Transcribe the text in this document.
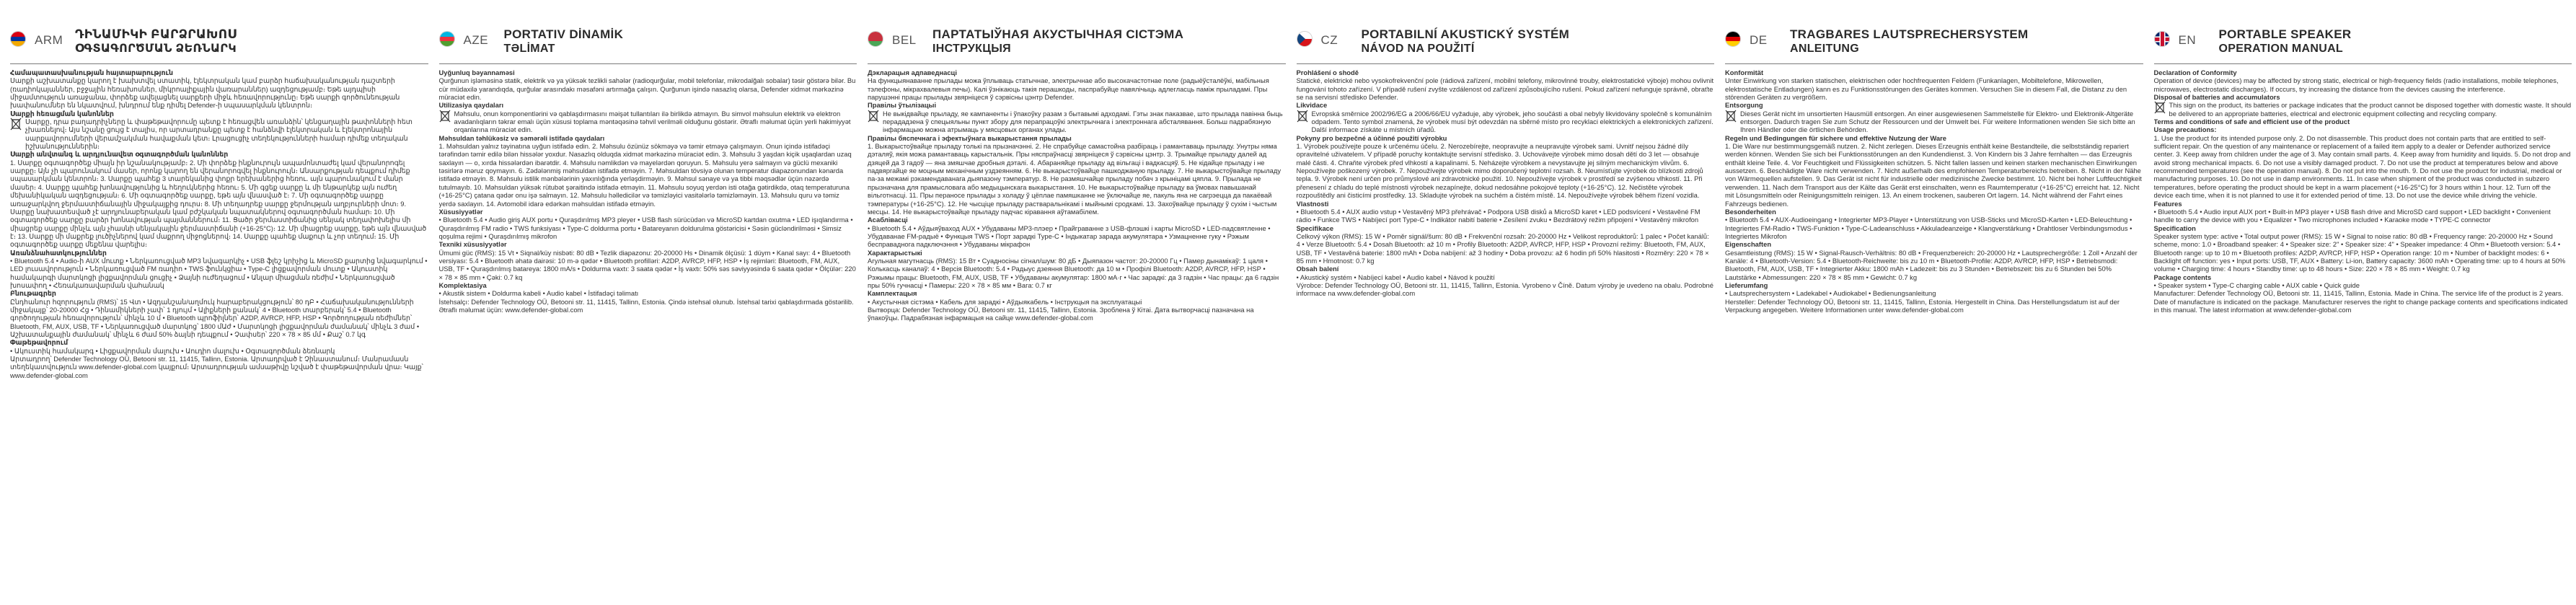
ARM ԴԻՆԱՄԻԿԻ ԲԱՐՁՐԱԽՈՍ
ՕԳՏԱԳՈՐԾՄԱՆ ՁԵՌՆԱՐԿ

Համապատասխանության հայտարարություն

Սարքի աշխատանքը կարող է խախտվել ստատիկ, էլեկտրական կամ բարձր հաճախականության դաշտերի (ռադիոկայաններ, բջջային հեռախոսներ, միկրոալիքային վառարաններ) ազդեցությամբ։ Եթե այդպիսի միջամտություն առաջանա, փորձեք ավելացնել սարքերի միջև հեռավորությունը։ Եթե սարքի գործունեության խափանումներ են նկատվում, խնդրում ենք դիմել Defender-ի սպասարկման կենտրոն։

Սարքի հեռացման կանոններ

Սարքը, դրա բաղադրիչները և փաթեթավորումը պետք է հեռացվեն առանձին՝ կենցաղային թափոնների հետ չխառնելով։ Այս նշանը ցույց է տալիս, որ արտադրանքը պետք է հանձնվի էլեկտրական և էլեկտրոնային սարքավորումների վերամշակման հավաքման կետ։ Լրացուցիչ տեղեկությունների համար դիմեք տեղական իշխանություններին։

Սարքի անվտանգ և արդյունավետ օգտագործման կանոններ

1. Սարքը օգտագործեք միայն իր նշանակությամբ։ 2. Մի փորձեք ինքնուրույն ապամոնտաժել կամ վերանորոգել սարքը։ Այն չի պարունակում մասեր, որոնք կարող են վերանորոգվել ինքնուրույն։ Անսարքության դեպքում դիմեք սպասարկման կենտրոն։ 3. Սարքը պահեք 3 տարեկանից փոքր երեխաներից հեռու․ այն պարունակում է մանր մասեր։ 4. Սարքը պահեք խոնավությունից և հեղուկներից հեռու։ 5. Մի գցեք սարքը և մի ենթարկեք այն ուժեղ մեխանիկական ազդեցության։ 6. Մի օգտագործեք սարքը, եթե այն վնասված է։ 7. Մի օգտագործեք սարքը առաջարկվող ջերմաստիճանային միջակայքից դուրս։ 8. Մի տեղադրեք սարքը ջերմության աղբյուրների մոտ։ 9. Սարքը նախատեսված չէ արդյունաբերական կամ բժշկական նպատակներով օգտագործման համար։ 10. Մի օգտագործեք սարքը բարձր խոնավության պայմաններում։ 11. Ցածր ջերմաստիճանից սենյակ տեղափոխելիս մի միացրեք սարքը մինչև այն չհասնի սենյակային ջերմաստիճանի (+16-25°C)։ 12. Մի միացրեք սարքը, եթե այն վնասված է։ 13. Սարքը մի մաքրեք լուծիչներով կամ մաքրող միջոցներով։ 14. Սարքը պահեք մաքուր և չոր տեղում։ 15. Մի օգտագործեք սարքը մեքենա վարելիս։

Առանձնահատկություններ

• Bluetooth 5.4 • Audio-ի AUX մուտք • Ներկառուցված MP3 նվագարկիչ • USB ֆլեշ կրիչից և MicroSD քարտից նվագարկում • LED լուսավորություն • Ներկառուցված FM ռադիո • TWS ֆունկցիա • Type-C լիցքավորման մուտք • Ակուստիկ համակարգի մարտկոցի լիցքավորման ցուցիչ • Ձայնի ուժեղացում • Անլար միացման ռեժիմ • Ներկառուցված խոսափող • Հեռակառավարման վահանակ

Բնութագրեր

Ընդհանուր հզորություն (RMS)՝ 15 Վտ • Ազդանշան/աղմուկ հարաբերակցություն՝ 80 դԲ • Հաճախականությունների միջակայք՝ 20-20000 Հց • Դինամիկների չափ՝ 1 դյույմ • Ալիքների քանակ՝ 4 • Bluetooth տարբերակ՝ 5.4 • Bluetooth գործողության հեռավորություն՝ մինչև 10 մ • Bluetooth պրոֆիլներ՝ A2DP, AVRCP, HFP, HSP • Գործողության ռեժիմներ՝ Bluetooth, FM, AUX, USB, TF • Ներկառուցված մարտկոց՝ 1800 մԱժ • Մարտկոցի լիցքավորման ժամանակ՝ մինչև 3 ժամ • Աշխատանքային ժամանակ՝ մինչև 6 ժամ 50% ձայնի դեպքում • Չափսեր՝ 220 × 78 × 85 մմ • Քաշ՝ 0.7 կգ

Փաթեթավորում

• Ակուստիկ համակարգ • Լիցքավորման մալուխ • Աուդիո մալուխ • Օգտագործման ձեռնարկ

Արտադրող՝ Defender Technology OÜ, Betooni str. 11, 11415, Tallinn, Estonia. Արտադրված է Չինաստանում։ Մանրամասն տեղեկատվություն www.defender-global.com կայքում։ Արտադրության ամսաթիվը նշված է փաթեթավորման վրա։ Կայք՝ www.defender-global.com

AZE PORTATIV DİNAMİK
TƏLİMAT

Uyğunluq bəyannaməsi

Qurğunun işləməsinə statik, elektrik və ya yüksək tezlikli sahələr (radioqurğular, mobil telefonlar, mikrodalğalı sobalar) təsir göstərə bilər. Bu cür müdaxilə yarandıqda, qurğular arasındakı məsafəni artırmağa çalışın. Qurğunun işində nasazlıq olarsa, Defender xidmət mərkəzinə müraciət edin.

Utilizasiya qaydaları

Məhsulu, onun komponentlərini və qablaşdırmasını məişət tullantıları ilə birlikdə atmayın. Bu simvol məhsulun elektrik və elektron avadanlıqların təkrar emalı üçün xüsusi toplama məntəqəsinə təhvil verilməli olduğunu göstərir. Ətraflı məlumat üçün yerli hakimiyyət orqanlarına müraciət edin.

Məhsuldan təhlükəsiz və səmərəli istifadə qaydaları

1. Məhsuldan yalnız təyinatına uyğun istifadə edin. 2. Məhsulu özünüz sökməyə və təmir etməyə çalışmayın. Onun içində istifadəçi tərəfindən təmir edilə bilən hissələr yoxdur. Nasazlıq olduqda xidmət mərkəzinə müraciət edin. 3. Məhsulu 3 yaşdan kiçik uşaqlardan uzaq saxlayın — o, xırda hissələrdən ibarətdir. 4. Məhsulu nəmlikdən və mayelərdən qoruyun. 5. Məhsulu yerə salmayın və güclü mexaniki təsirlərə məruz qoymayın. 6. Zədələnmiş məhsuldan istifadə etməyin. 7. Məhsuldan tövsiyə olunan temperatur diapazonundan kənarda istifadə etməyin. 8. Məhsulu istilik mənbələrinin yaxınlığında yerləşdirməyin. 9. Məhsul sənaye və ya tibbi məqsədlər üçün nəzərdə tutulmayıb. 10. Məhsuldan yüksək rütubət şəraitində istifadə etməyin. 11. Məhsulu soyuq yerdən isti otağa gətirdikdə, otaq temperaturuna (+16-25°C) çatana qədər onu işə salmayın. 12. Məhsulu həlledicilər və təmizləyici vasitələrlə təmizləməyin. 13. Məhsulu quru və təmiz yerdə saxlayın. 14. Avtomobil idarə edərkən məhsuldan istifadə etməyin.

Xüsusiyyətlər

• Bluetooth 5.4 • Audio giriş AUX portu • Quraşdırılmış MP3 pleyer • USB flash sürücüdən və MicroSD kartdan oxutma • LED işıqlandırma • Quraşdırılmış FM radio • TWS funksiyası • Type-C doldurma portu • Batareyanın doldurulma göstəricisi • Səsin gücləndirilməsi • Simsiz qoşulma rejimi • Quraşdırılmış mikrofon

Texniki xüsusiyyətlər

Ümumi güc (RMS): 15 Vt • Siqnal/küy nisbəti: 80 dB • Tezlik diapazonu: 20-20000 Hs • Dinamik ölçüsü: 1 düym • Kanal sayı: 4 • Bluetooth versiyası: 5.4 • Bluetooth əhatə dairəsi: 10 m-ə qədər • Bluetooth profilləri: A2DP, AVRCP, HFP, HSP • İş rejimləri: Bluetooth, FM, AUX, USB, TF • Quraşdırılmış batareya: 1800 mA/s • Doldurma vaxtı: 3 saata qədər • İş vaxtı: 50% səs səviyyəsində 6 saata qədər • Ölçülər: 220 × 78 × 85 mm • Çəki: 0.7 kq

Komplektasiya

• Akustik sistem • Doldurma kabeli • Audio kabel • İstifadəçi təlimatı

İstehsalçı: Defender Technology OÜ, Betooni str. 11, 11415, Tallinn, Estonia. Çində istehsal olunub. İstehsal tarixi qablaşdırmada göstərilib. Ətraflı məlumat üçün: www.defender-global.com

BEL ПАРТАТЫЎНАЯ АКУСТЫЧНАЯ СІСТЭМА
ІНСТРУКЦЫЯ

Дэкларацыя адпаведнасці

На функцыянаванне прылады можа ўплываць статычнае, электрычнае або высокачастотнае поле (радыёўсталёўкі, мабільныя тэлефоны, мікрахвалевыя печы). Калі ўзнікаюць такія перашкоды, паспрабуйце павялічыць адлегласць паміж прыладамі. Пры парушэнні працы прылады звярніцеся ў сэрвісны цэнтр Defender.

Правілы ўтылізацыі

Не выкідвайце прыладу, яе кампаненты і ўпакоўку разам з бытавымі адходамі. Гэты знак паказвае, што прылада павінна быць перададзена ў спецыяльны пункт збору для перапрацоўкі электрычнага і электроннага абсталявання. Больш падрабязную інфармацыю можна атрымаць у мясцовых органах улады.

Правілы бяспечнага і эфектыўнага выкарыстання прылады

1. Выкарыстоўвайце прыладу толькі па прызначэнні. 2. Не спрабуйце самастойна разбіраць і рамантаваць прыладу. Унутры няма дэталяў, якія можа рамантаваць карыстальнік. Пры няспраўнасці звярніцеся ў сэрвісны цэнтр. 3. Трымайце прыладу далей ад дзяцей да 3 гадоў — яна змяшчае дробныя дэталі. 4. Абараняйце прыладу ад вільгаці і вадкасцяў. 5. Не кідайце прыладу і не падвяргайце яе моцным механічным уздзеянням. 6. Не выкарыстоўвайце пашкоджаную прыладу. 7. Не выкарыстоўвайце прыладу па-за межамі рэкамендаванага дыяпазону тэмператур. 8. Не размяшчайце прыладу побач з крыніцамі цяпла. 9. Прылада не прызначана для прамысловага або медыцынскага выкарыстання. 10. Не выкарыстоўвайце прыладу ва ўмовах павышанай вільготнасці. 11. Пры пераносе прылады з холаду ў цёплае памяшканне не ўключайце яе, пакуль яна не сагрэецца да пакаёвай тэмпературы (+16-25°C). 12. Не чысціце прыладу растваральнікамі і мыйнымі сродкамі. 13. Захоўвайце прыладу ў сухім і чыстым месцы. 14. Не выкарыстоўвайце прыладу падчас кіравання аўтамабілем.

Асаблівасці

• Bluetooth 5.4 • Аўдыяўваход AUX • Убудаваны MP3-плэер • Прайграванне з USB-флэшкі і карты MicroSD • LED-падсвятленне • Убудаванае FM-радыё • Функцыя TWS • Порт зарадкі Type-C • Індыкатар зарада акумулятара • Узмацненне гуку • Рэжым бесправаднога падключэння • Убудаваны мікрафон

Характарыстыкі

Агульная магутнасць (RMS): 15 Вт • Суадносіны сігнал/шум: 80 дБ • Дыяпазон частот: 20-20000 Гц • Памер дынамікаў: 1 цаля • Колькасць каналаў: 4 • Версія Bluetooth: 5.4 • Радыус дзеяння Bluetooth: да 10 м • Профілі Bluetooth: A2DP, AVRCP, HFP, HSP • Рэжымы працы: Bluetooth, FM, AUX, USB, TF • Убудаваны акумулятар: 1800 мА·г • Час зарадкі: да 3 гадзін • Час працы: да 6 гадзін пры 50% гучнасці • Памеры: 220 × 78 × 85 мм • Вага: 0.7 кг

Камплектацыя

• Акустычная сістэма • Кабель для зарадкі • Аўдыякабель • Інструкцыя па эксплуатацыі

Вытворца: Defender Technology OÜ, Betooni str. 11, 11415, Tallinn, Estonia. Зроблена ў Кітаі. Дата вытворчасці пазначана на ўпакоўцы. Падрабязная інфармацыя на сайце www.defender-global.com

CZ	PORTABILNÍ AKUSTICKÝ SYSTÉM
NÁVOD NA POUŽITÍ

Prohlášení o shodě

Statické, elektrické nebo vysokofrekvenční pole (rádiová zařízení, mobilní telefony, mikrovlnné trouby, elektrostatické výboje) mohou ovlivnit fungování tohoto zařízení. V případě rušení zvyšte vzdálenost od zařízení způsobujícího rušení. Pokud zařízení nefunguje správně, obraťte se na servisní středisko Defender.

Likvidace

Evropská směrnice 2002/96/EG a 2006/66/EU vyžaduje, aby výrobek, jeho součásti a obal nebyly likvidovány společně s komunálním odpadem. Tento symbol znamená, že výrobek musí být odevzdán na sběrné místo pro recyklaci elektrických a elektronických zařízení. Další informace získáte u místních úřadů.

Pokyny pro bezpečné a účinné použití výrobku

1. Výrobek používejte pouze k určenému účelu. 2. Nerozebírejte, neopravujte a neupravujte výrobek sami. Uvnitř nejsou žádné díly opravitelné uživatelem. V případě poruchy kontaktujte servisní středisko. 3. Uchovávejte výrobek mimo dosah dětí do 3 let — obsahuje malé části. 4. Chraňte výrobek před vlhkostí a kapalinami. 5. Neházejte výrobkem a nevystavujte jej silným mechanickým vlivům. 6. Nepoužívejte poškozený výrobek. 7. Nepoužívejte výrobek mimo doporučený teplotní rozsah. 8. Neumísťujte výrobek do blízkosti zdrojů tepla. 9. Výrobek není určen pro průmyslové ani zdravotnické použití. 10. Nepoužívejte výrobek v prostředí se zvýšenou vlhkostí. 11. Při přenesení z chladu do teplé místnosti výrobek nezapínejte, dokud nedosáhne pokojové teploty (+16-25°C). 12. Nečistěte výrobek rozpouštědly ani čisticími prostředky. 13. Skladujte výrobek na suchém a čistém místě. 14. Nepoužívejte výrobek během řízení vozidla.

Vlastnosti

• Bluetooth 5.4 • AUX audio vstup • Vestavěný MP3 přehrávač • Podpora USB disků a MicroSD karet • LED podsvícení • Vestavěné FM rádio • Funkce TWS • Nabíjecí port Type-C • Indikátor nabití baterie • Zesílení zvuku • Bezdrátový režim připojení • Vestavěný mikrofon

Specifikace

Celkový výkon (RMS): 15 W • Poměr signál/šum: 80 dB • Frekvenční rozsah: 20-20000 Hz • Velikost reproduktorů: 1 palec • Počet kanálů: 4 • Verze Bluetooth: 5.4 • Dosah Bluetooth: až 10 m • Profily Bluetooth: A2DP, AVRCP, HFP, HSP • Provozní režimy: Bluetooth, FM, AUX, USB, TF • Vestavěná baterie: 1800 mAh • Doba nabíjení: až 3 hodiny • Doba provozu: až 6 hodin při 50% hlasitosti • Rozměry: 220 × 78 × 85 mm • Hmotnost: 0.7 kg

Obsah balení

• Akustický systém • Nabíjecí kabel • Audio kabel • Návod k použití

Výrobce: Defender Technology OÜ, Betooni str. 11, 11415, Tallinn, Estonia. Vyrobeno v Číně. Datum výroby je uvedeno na obalu. Podrobné informace na www.defender-global.com

DE	TRAGBARES LAUTSPRECHERSYSTEM
ANLEITUNG

Konformität

Unter Einwirkung von starken statischen, elektrischen oder hochfrequenten Feldern (Funkanlagen, Mobiltelefone, Mikrowellen, elektrostatische Entladungen) kann es zu Funktionsstörungen des Gerätes kommen. Versuchen Sie in diesem Fall, die Distanz zu den störenden Geräten zu vergrößern.

Entsorgung

Dieses Gerät nicht im unsortierten Hausmüll entsorgen. An einer ausgewiesenen Sammelstelle für Elektro- und Elektronik-Altgeräte entsorgen. Dadurch tragen Sie zum Schutz der Ressourcen und der Umwelt bei. Für weitere Informationen wenden Sie sich bitte an Ihren Händler oder die örtlichen Behörden.

Regeln und Bedingungen für sichere und effektive Nutzung der Ware

1. Die Ware nur bestimmungsgemäß nutzen. 2. Nicht zerlegen. Dieses Erzeugnis enthält keine Bestandteile, die selbstständig repariert werden können. Wenden Sie sich bei Funktionsstörungen an den Kundendienst. 3. Von Kindern bis 3 Jahre fernhalten — das Erzeugnis enthält kleine Teile. 4. Vor Feuchtigkeit und Flüssigkeiten schützen. 5. Nicht fallen lassen und keinen starken mechanischen Einwirkungen aussetzen. 6. Beschädigte Ware nicht verwenden. 7. Nicht außerhalb des empfohlenen Temperaturbereichs betreiben. 8. Nicht in der Nähe von Wärmequellen aufstellen. 9. Das Gerät ist nicht für industrielle oder medizinische Zwecke bestimmt. 10. Nicht bei hoher Luftfeuchtigkeit verwenden. 11. Nach dem Transport aus der Kälte das Gerät erst einschalten, wenn es Raumtemperatur (+16-25°C) erreicht hat. 12. Nicht mit Lösungsmitteln oder Reinigungsmitteln reinigen. 13. An einem trockenen, sauberen Ort lagern. 14. Nicht während der Fahrt eines Fahrzeugs bedienen.

Besonderheiten

• Bluetooth 5.4 • AUX-Audioeingang • Integrierter MP3-Player • Unterstützung von USB-Sticks und MicroSD-Karten • LED-Beleuchtung • Integriertes FM-Radio • TWS-Funktion • Type-C-Ladeanschluss • Akkuladeanzeige • Klangverstärkung • Drahtloser Verbindungsmodus • Integriertes Mikrofon

Eigenschaften

Gesamtleistung (RMS): 15 W • Signal-Rausch-Verhältnis: 80 dB • Frequenzbereich: 20-20000 Hz • Lautsprechergröße: 1 Zoll • Anzahl der Kanäle: 4 • Bluetooth-Version: 5.4 • Bluetooth-Reichweite: bis zu 10 m • Bluetooth-Profile: A2DP, AVRCP, HFP, HSP • Betriebsmodi: Bluetooth, FM, AUX, USB, TF • Integrierter Akku: 1800 mAh • Ladezeit: bis zu 3 Stunden • Betriebszeit: bis zu 6 Stunden bei 50% Lautstärke • Abmessungen: 220 × 78 × 85 mm • Gewicht: 0.7 kg

Lieferumfang

• Lautsprechersystem • Ladekabel • Audiokabel • Bedienungsanleitung

Hersteller: Defender Technology OÜ, Betooni str. 11, 11415, Tallinn, Estonia. Hergestellt in China. Das Herstellungsdatum ist auf der Verpackung angegeben. Weitere Informationen unter www.defender-global.com

EN	PORTABLE SPEAKER
OPERATION MANUAL

Declaration of Conformity

Operation of device (devices) may be affected by strong static, electrical or high-frequency fields (radio installations, mobile telephones, microwaves, electrostatic discharges). If occurs, try increasing the distance from the devices causing the interference.

Disposal of batteries and accumulators

This sign on the product, its batteries or package indicates that the product cannot be disposed together with domestic waste. It should be delivered to an appropriate batteries, electrical and electronic equipment collecting and recycling company.

Terms and conditions of safe and efficient use of the product

Usage precautions:

1. Use the product for its intended purpose only. 2. Do not disassemble. This product does not contain parts that are entitled to self-sufficient repair. On the question of any maintenance or replacement of a failed item apply to a dealer or Defender authorized service center. 3. Keep away from children under the age of 3. May contain small parts. 4. Keep away from humidity and liquids. 5. Do not drop and avoid strong mechanical impacts. 6. Do not use a visibly damaged product. 7. Do not use the product at temperatures below and above recommended temperatures (see the operation manual). 8. Do not put into the mouth. 9. Do not use the product for industrial, medical or manufacturing purposes. 10. Do not use in damp environments. 11. In case when shipment of the product was conducted in subzero temperatures, before operating the product should be kept in a warm placement (+16-25°C) for 3 hours within 1 hour. 12. Turn off the device each time, when it is not planned to use it for extended period of time. 13. Do not use the device while driving the vehicle.

Features

• Bluetooth 5.4 • Audio input AUX port • Built-in MP3 player • USB flash drive and MicroSD card support • LED backlight • Convenient handle to carry the device with you • Equalizer • Two microphones included • Karaoke mode • TYPE-C connector

Specification

Speaker system type: active • Total output power (RMS): 15 W • Signal to noise ratio: 80 dB • Frequency range: 20-20000 Hz • Sound scheme, mono: 1.0 • Broadband speaker: 4 • Speaker size: 2" • Speaker size: 4" • Speaker impedance: 4 Ohm • Bluetooth version: 5.4 • Bluetooth range: up to 10 m • Bluetooth profiles: A2DP, AVRCP, HFP, HSP • Operation range: 10 m • Number of backlight modes: 6 • Backlight off function: yes • Input ports: USB, TF, AUX • Battery: Li-ion, Battery capacity: 3600 mAh • Operating time: up to 4 hours at 50% volume • Charging time: 4 hours • Standby time: up to 48 hours • Size: 220 × 78 × 85 mm • Weight: 0.7 kg

Package contents

• Speaker system • Type-C charging cable • AUX cable • Quick guide

Manufacturer: Defender Technology OÜ, Betooni str. 11, 11415, Tallinn, Estonia. Made in China. The service life of the product is 2 years. Date of manufacture is indicated on the package. Manufacturer reserves the right to change package contents and specifications indicated in this manual. The latest information at www.defender-global.com
